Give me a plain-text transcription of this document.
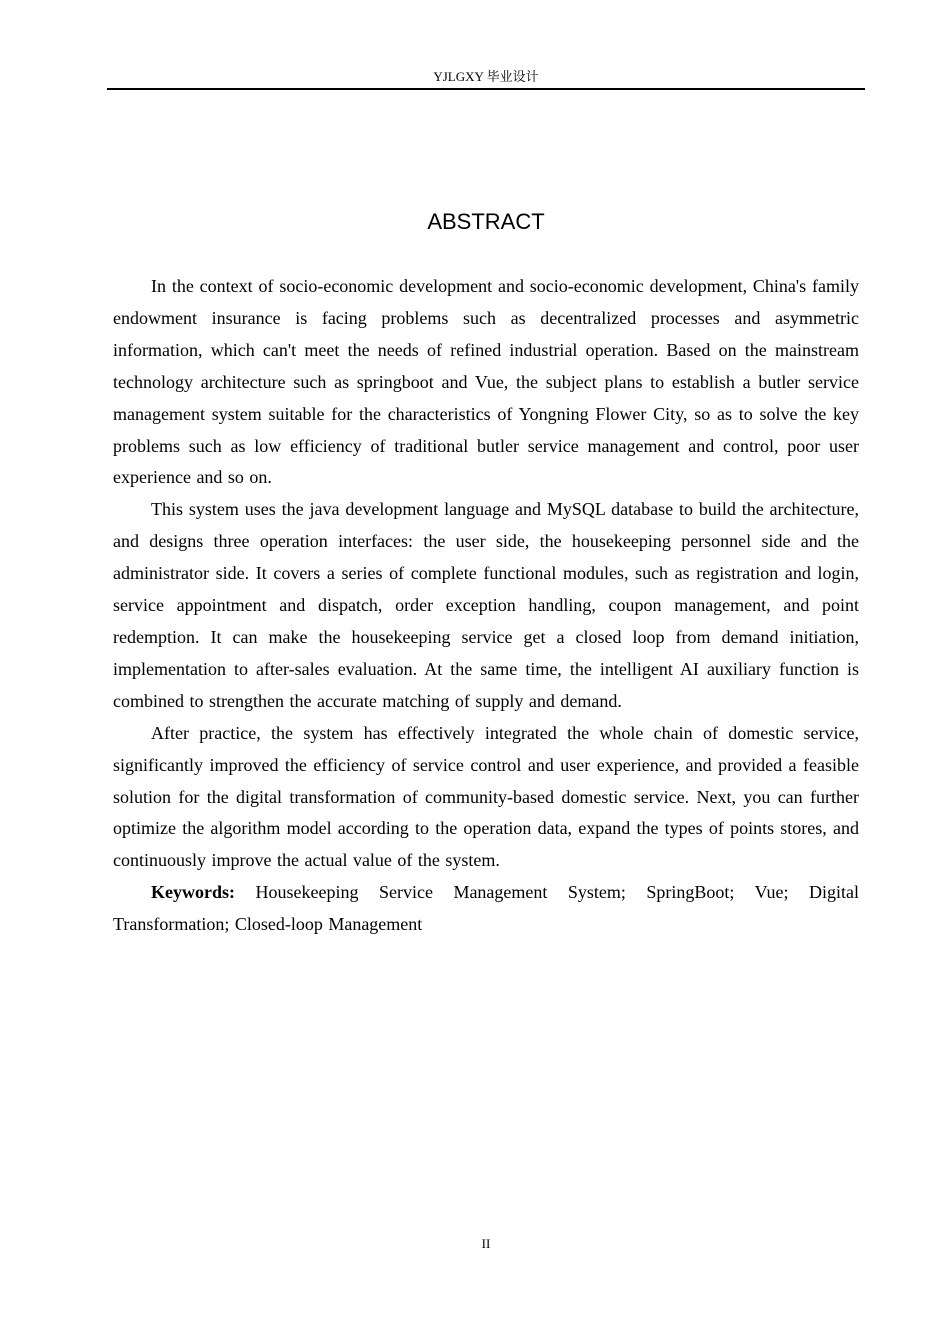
YJLGXY 毕业设计
ABSTRACT

In the context of socio-economic development and socio-economic development, China's family endowment insurance is facing problems such as decentralized processes and asymmetric information, which can't meet the needs of refined industrial operation. Based on the mainstream technology architecture such as springboot and Vue, the subject plans to establish a butler service management system suitable for the characteristics of Yongning Flower City, so as to solve the key problems such as low efficiency of traditional butler service management and control, poor user experience and so on.

This system uses the java development language and MySQL database to build the architecture, and designs three operation interfaces: the user side, the housekeeping personnel side and the administrator side. It covers a series of complete functional modules, such as registration and login, service appointment and dispatch, order exception handling, coupon management, and point redemption. It can make the housekeeping service get a closed loop from demand initiation, implementation to after-sales evaluation. At the same time, the intelligent AI auxiliary function is combined to strengthen the accurate matching of supply and demand.

After practice, the system has effectively integrated the whole chain of domestic service, significantly improved the efficiency of service control and user experience, and provided a feasible solution for the digital transformation of community-based domestic service. Next, you can further optimize the algorithm model according to the operation data, expand the types of points stores, and continuously improve the actual value of the system.

Keywords: Housekeeping Service Management System; SpringBoot; Vue; Digital Transformation; Closed-loop Management

II
